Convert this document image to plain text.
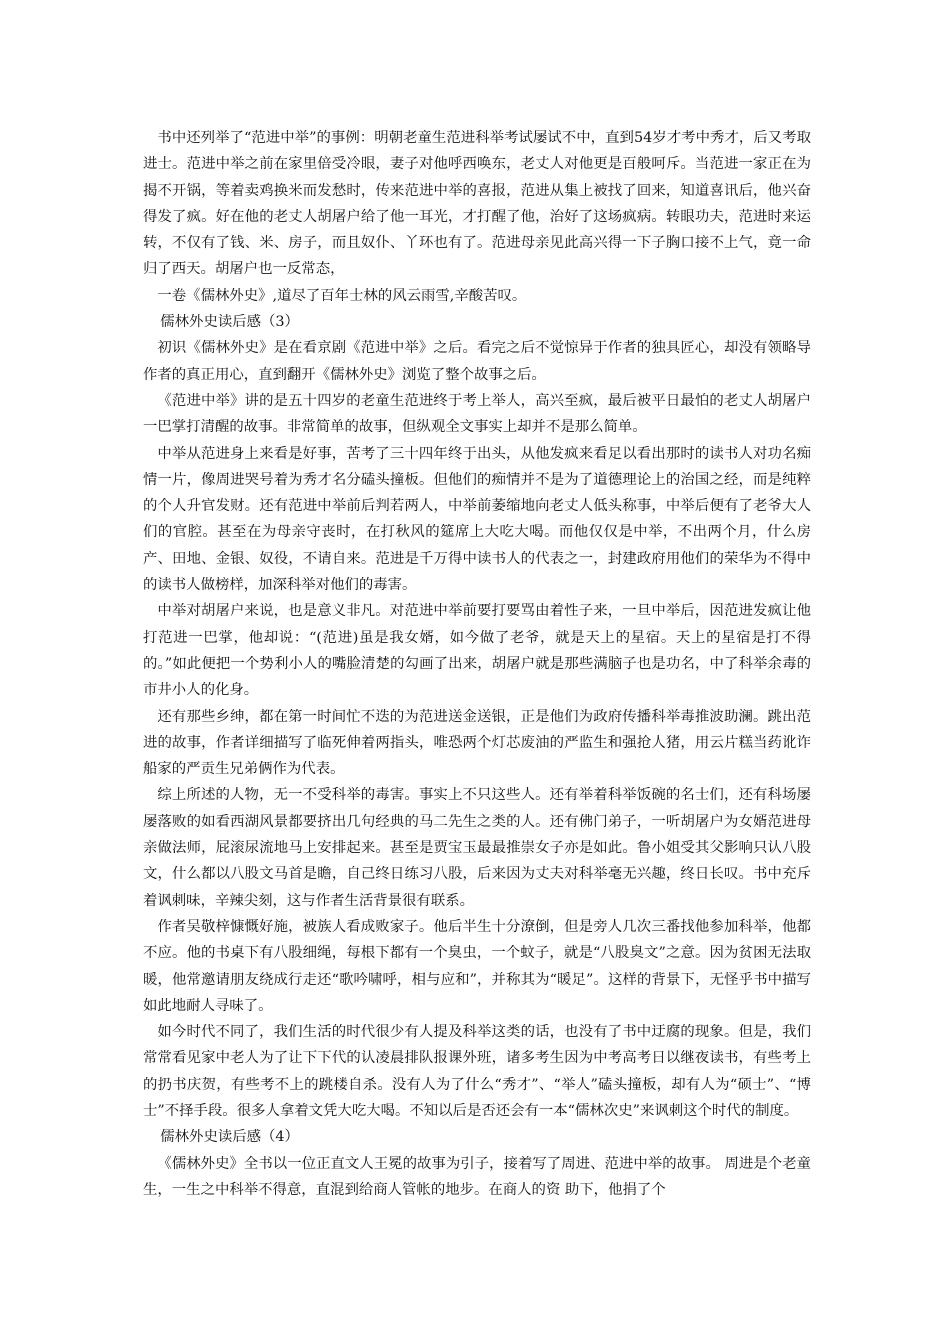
书中还列举了“范进中举”的事例：明朝老童生范进科举考试屡试不中，直到54岁才考中秀才，后又考取进士。范进中举之前在家里倍受冷眼，妻子对他呼西唤东，老丈人对他更是百般呵斥。当范进一家正在为揭不开锅，等着卖鸡换米而发愁时，传来范进中举的喜报，范进从集上被找了回来，知道喜讯后，他兴奋得发了疯。好在他的老丈人胡屠户给了他一耳光，才打醒了他，治好了这场疯病。转眼功夫，范进时来运转，不仅有了钱、米、房子，而且奴仆、丫环也有了。范进母亲见此高兴得一下子胸口接不上气，竟一命归了西天。胡屠户也一反常态，

一卷《儒林外史》,道尽了百年士林的风云雨雪,辛酸苦叹。

儒林外史读后感（3）

初识《儒林外史》是在看京剧《范进中举》之后。看完之后不觉惊异于作者的独具匠心，却没有领略导作者的真正用心，直到翻开《儒林外史》浏览了整个故事之后。

《范进中举》讲的是五十四岁的老童生范进终于考上举人，高兴至疯，最后被平日最怕的老丈人胡屠户一巴掌打清醒的故事。非常简单的故事，但纵观全文事实上却并不是那么简单。

中举从范进身上来看是好事，苦考了三十四年终于出头，从他发疯来看足以看出那时的读书人对功名痴情一片，像周进哭号着为秀才名分磕头撞板。但他们的痴情并不是为了道德理论上的治国之经，而是纯粹的个人升官发财。还有范进中举前后判若两人，中举前萎缩地向老丈人低头称事，中举后便有了老爷大人们的官腔。甚至在为母亲守丧时，在打秋风的筵席上大吃大喝。而他仅仅是中举，不出两个月，什么房产、田地、金银、奴役，不请自来。范进是千万得中读书人的代表之一，封建政府用他们的荣华为不得中的读书人做榜样，加深科举对他们的毒害。

中举对胡屠户来说，也是意义非凡。对范进中举前要打要骂由着性子来，一旦中举后，因范进发疯让他打范进一巴掌，他却说：“(范进)虽是我女婿，如今做了老爷，就是天上的星宿。天上的星宿是打不得的。”如此便把一个势利小人的嘴脸清楚的勾画了出来，胡屠户就是那些满脑子也是功名，中了科举余毒的市井小人的化身。

还有那些乡绅，都在第一时间忙不迭的为范进送金送银，正是他们为政府传播科举毒推波助澜。跳出范进的故事，作者详细描写了临死伸着两指头，唯恐两个灯芯废油的严监生和强抢人猪，用云片糕当药讹诈船家的严贡生兄弟俩作为代表。

综上所述的人物，无一不受科举的毒害。事实上不只这些人。还有举着科举饭碗的名士们，还有科场屡屡落败的如看西湖风景都要挤出几句经典的马二先生之类的人。还有佛门弟子，一听胡屠户为女婿范进母亲做法师，屁滚尿流地马上安排起来。甚至是贾宝玉最最推崇女子亦是如此。鲁小姐受其父影响只认八股文，什么都以八股文马首是瞻，自己终日练习八股，后来因为丈夫对科举毫无兴趣，终日长叹。书中充斥着讽刺味，辛辣尖刻，这与作者生活背景很有联系。

作者吴敬梓慷慨好施，被族人看成败家子。他后半生十分潦倒，但是旁人几次三番找他参加科举，他都不应。他的书桌下有八股细绳，每根下都有一个臭虫，一个蚊子，就是“八股臭文”之意。因为贫困无法取暖，他常邀请朋友绕成行走还“歌吟啸呼，相与应和”，并称其为“暖足”。这样的背景下，无怪乎书中描写如此地耐人寻味了。

如今时代不同了，我们生活的时代很少有人提及科举这类的话，也没有了书中迂腐的现象。但是，我们常常看见家中老人为了让下下代的认凌晨排队报课外班，诸多考生因为中考高考日以继夜读书，有些考上的扔书庆贺，有些考不上的跳楼自杀。没有人为了什么“秀才”、“举人”磕头撞板，却有人为“硕士”、“博士”不择手段。很多人拿着文凭大吃大喝。不知以后是否还会有一本“儒林次史”来讽刺这个时代的制度。

儒林外史读后感（4）

《儒林外史》全书以一位正直文人王冕的故事为引子，接着写了周进、范进中举的故事。 周进是个老童生，一生之中科举不得意，直混到给商人管帐的地步。在商人的资 助下，他捐了个
